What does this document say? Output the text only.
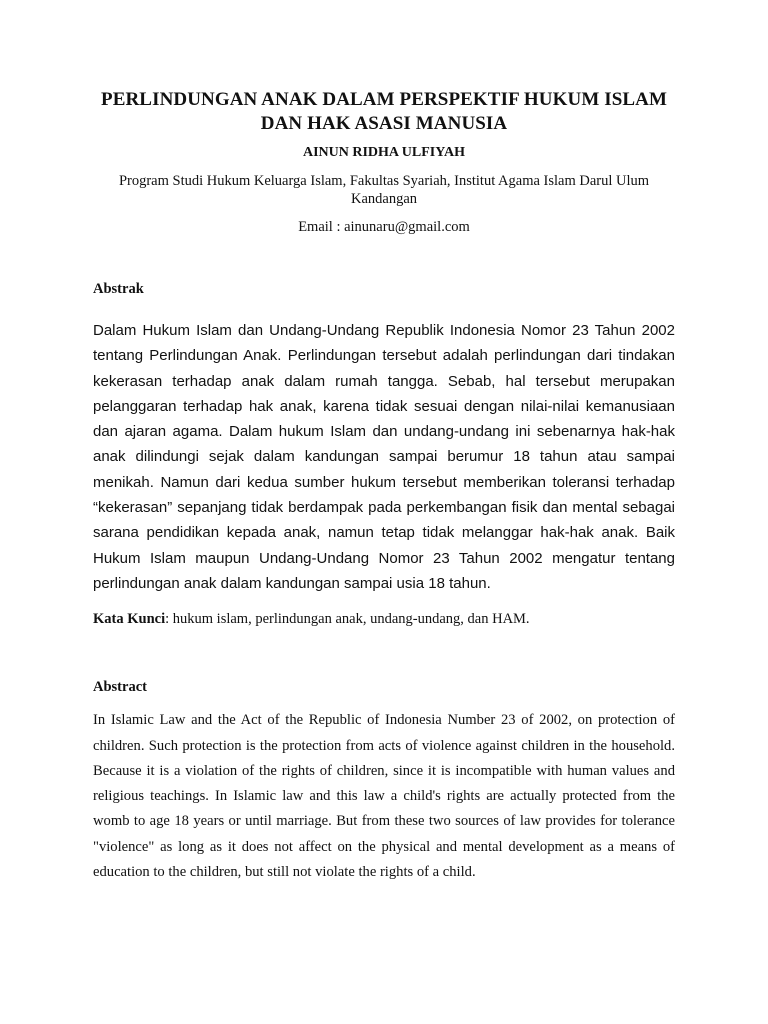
PERLINDUNGAN ANAK DALAM PERSPEKTIF HUKUM ISLAM DAN HAK ASASI MANUSIA
AINUN RIDHA ULFIYAH
Program Studi Hukum Keluarga Islam, Fakultas Syariah, Institut Agama Islam Darul Ulum Kandangan
Email : ainunaru@gmail.com
Abstrak

Dalam Hukum Islam dan Undang-Undang Republik Indonesia Nomor 23 Tahun 2002 tentang Perlindungan Anak. Perlindungan tersebut adalah perlindungan dari tindakan kekerasan terhadap anak dalam rumah tangga. Sebab, hal tersebut merupakan pelanggaran terhadap hak anak, karena tidak sesuai dengan nilai-nilai kemanusiaan dan ajaran agama. Dalam hukum Islam dan undang-undang ini sebenarnya hak-hak anak dilindungi sejak dalam kandungan sampai berumur 18 tahun atau sampai menikah. Namun dari kedua sumber hukum tersebut memberikan toleransi terhadap “kekerasan” sepanjang tidak berdampak pada perkembangan fisik dan mental sebagai sarana pendidikan kepada anak, namun tetap tidak melanggar hak-hak anak. Baik Hukum Islam maupun Undang-Undang Nomor 23 Tahun 2002 mengatur tentang perlindungan anak dalam kandungan sampai usia 18 tahun.

Kata Kunci: hukum islam, perlindungan anak, undang-undang, dan HAM.
Abstract

In Islamic Law and the Act of the Republic of Indonesia Number 23 of 2002, on protection of children. Such protection is the protection from acts of violence against children in the household. Because it is a violation of the rights of children, since it is incompatible with human values and religious teachings. In Islamic law and this law a child's rights are actually protected from the womb to age 18 years or until marriage. But from these two sources of law provides for tolerance "violence" as long as it does not affect on the physical and mental development as a means of education to the children, but still not violate the rights of a child.
